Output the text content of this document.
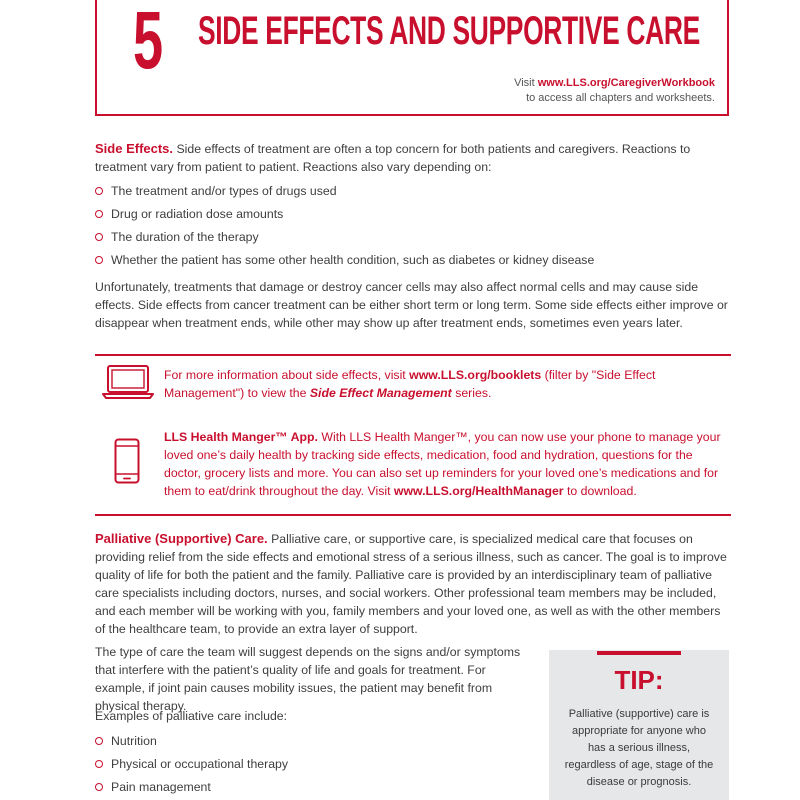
5 SIDE EFFECTS AND SUPPORTIVE CARE
Visit www.LLS.org/CaregiverWorkbook
to access all chapters and worksheets.

Side Effects. Side effects of treatment are often a top concern for both patients and caregivers. Reactions to treatment vary from patient to patient. Reactions also vary depending on:

The treatment and/or types of drugs used
Drug or radiation dose amounts
The duration of the therapy
Whether the patient has some other health condition, such as diabetes or kidney disease

Unfortunately, treatments that damage or destroy cancer cells may also affect normal cells and may cause side effects. Side effects from cancer treatment can be either short term or long term. Some side effects either improve or disappear when treatment ends, while other may show up after treatment ends, sometimes even years later.

For more information about side effects, visit www.LLS.org/booklets (filter by "Side Effect Management") to view the Side Effect Management series.

LLS Health Manger™ App. With LLS Health Manger™, you can now use your phone to manage your loved one’s daily health by tracking side effects, medication, food and hydration, questions for the doctor, grocery lists and more. You can also set up reminders for your loved one’s medications and for them to eat/drink throughout the day. Visit www.LLS.org/HealthManager to download.

Palliative (Supportive) Care. Palliative care, or supportive care, is specialized medical care that focuses on providing relief from the side effects and emotional stress of a serious illness, such as cancer. The goal is to improve quality of life for both the patient and the family. Palliative care is provided by an interdisciplinary team of palliative care specialists including doctors, nurses, and social workers. Other professional team members may be included, and each member will be working with you, family members and your loved one, as well as with the other members of the healthcare team, to provide an extra layer of support.

The type of care the team will suggest depends on the signs and/or symptoms that interfere with the patient’s quality of life and goals for treatment. For example, if joint pain causes mobility issues, the patient may benefit from physical therapy.

Examples of palliative care include:

Nutrition
Physical or occupational therapy
Pain management
TIP:
Palliative (supportive) care is appropriate for anyone who has a serious illness, regardless of age, stage of the disease or prognosis.
